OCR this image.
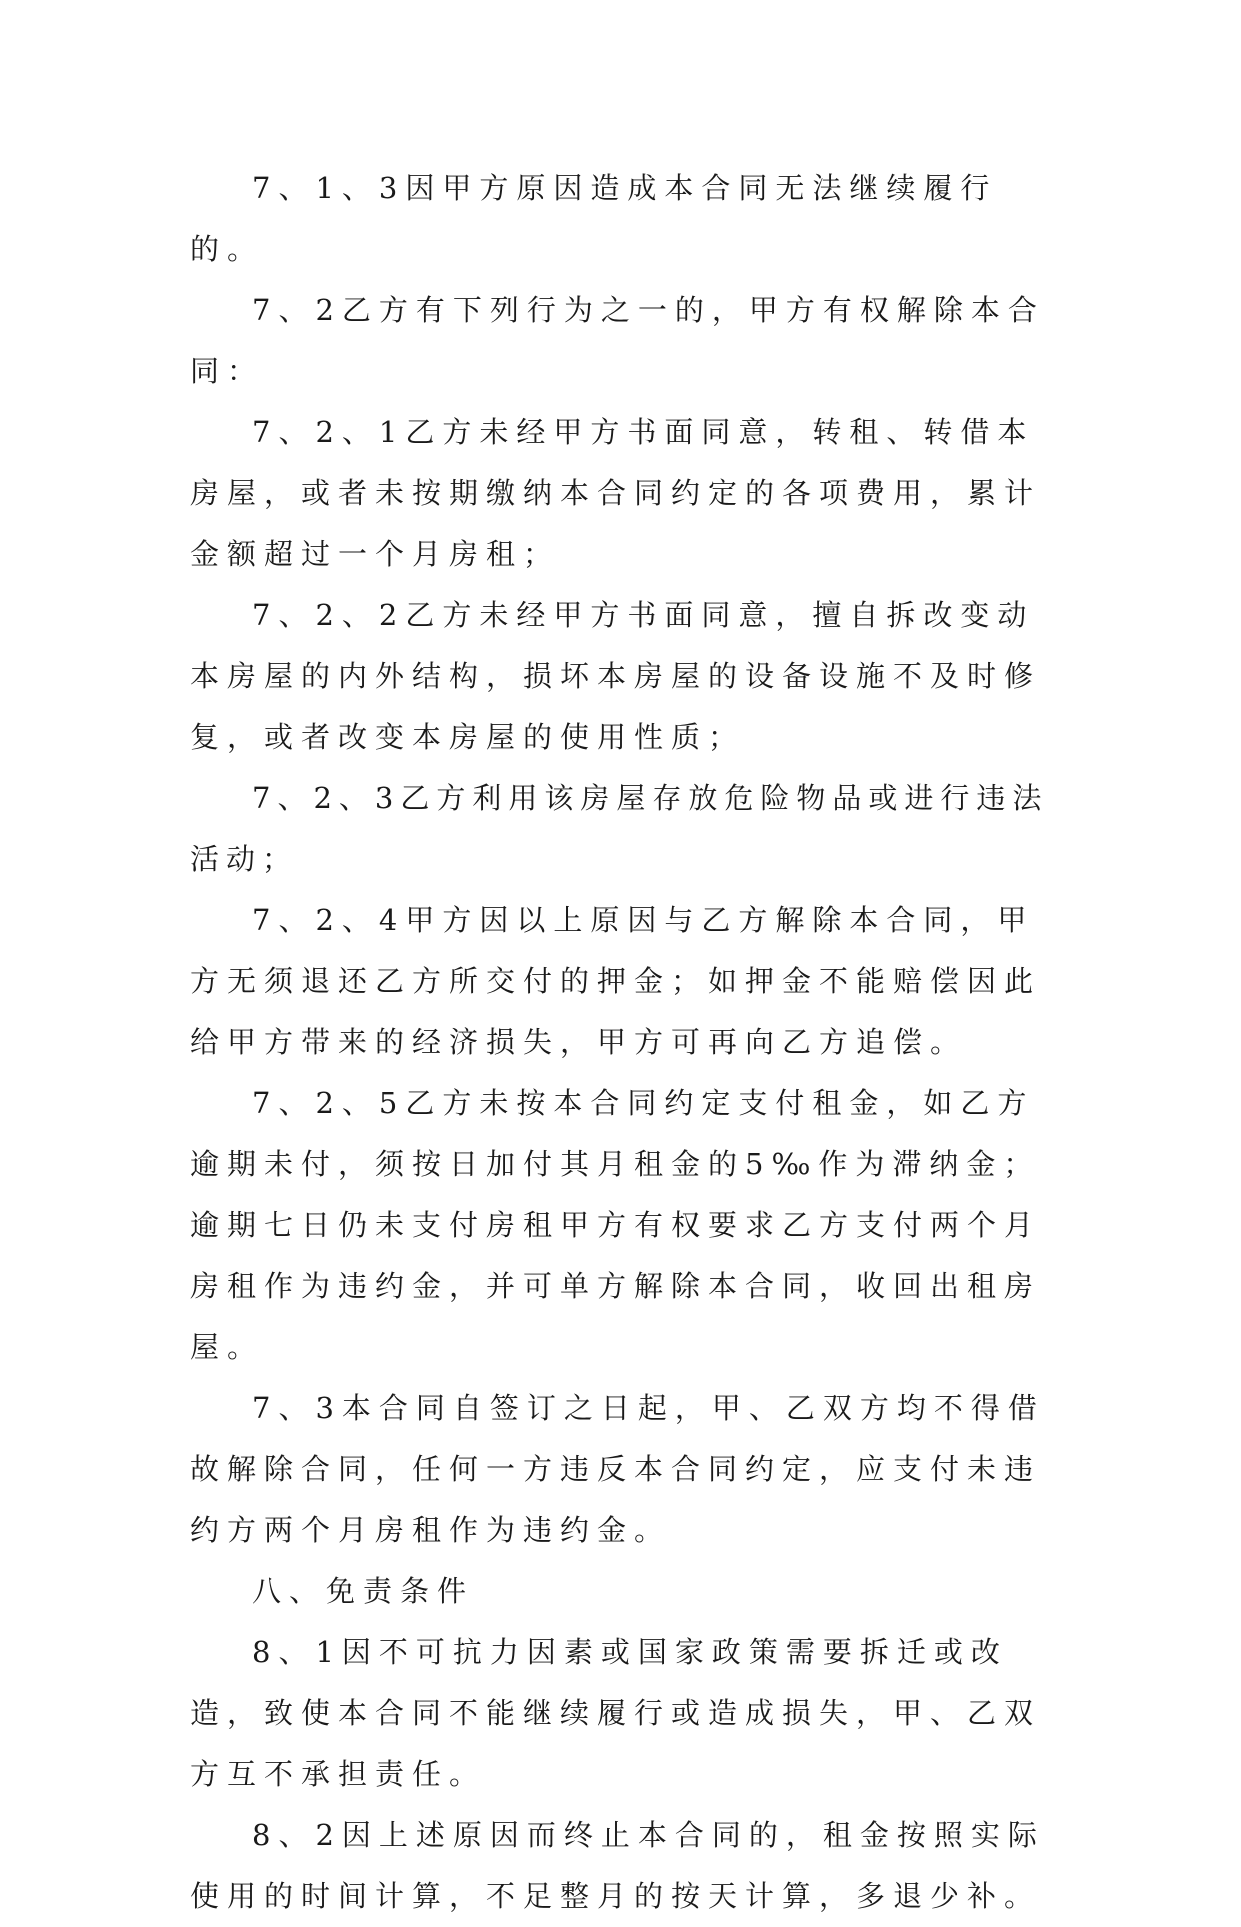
7、1、3因甲方原因造成本合同无法继续履行的。

7、2乙方有下列行为之一的，甲方有权解除本合同：

7、2、1乙方未经甲方书面同意，转租、转借本房屋，或者未按期缴纳本合同约定的各项费用，累计金额超过一个月房租；

7、2、2乙方未经甲方书面同意，擅自拆改变动本房屋的内外结构，损坏本房屋的设备设施不及时修复，或者改变本房屋的使用性质；

7、2、3乙方利用该房屋存放危险物品或进行违法活动；

7、2、4甲方因以上原因与乙方解除本合同，甲方无须退还乙方所交付的押金；如押金不能赔偿因此给甲方带来的经济损失，甲方可再向乙方追偿。

7、2、5乙方未按本合同约定支付租金，如乙方逾期未付，须按日加付其月租金的5‰作为滞纳金；逾期七日仍未支付房租甲方有权要求乙方支付两个月房租作为违约金，并可单方解除本合同，收回出租房屋。

7、3本合同自签订之日起，甲、乙双方均不得借故解除合同，任何一方违反本合同约定，应支付未违约方两个月房租作为违约金。

八、免责条件

8、1因不可抗力因素或国家政策需要拆迁或改造，致使本合同不能继续履行或造成损失，甲、乙双方互不承担责任。

8、2因上述原因而终止本合同的，租金按照实际使用的时间计算，不足整月的按天计算，多退少补。
